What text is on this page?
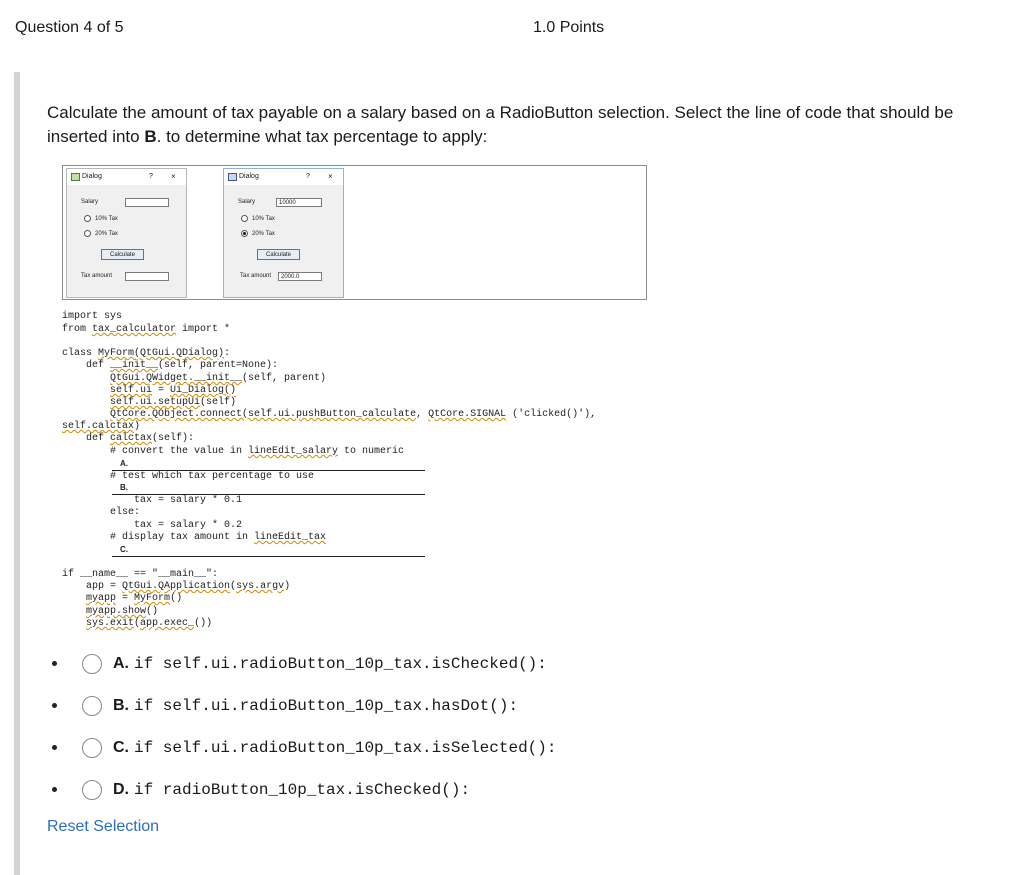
Question 4 of 5	1.0 Points
Calculate the amount of tax payable on a salary based on a RadioButton selection. Select the line of code that should be inserted into B. to determine what tax percentage to apply:
Dialog	? ×
Salary
10% Tax
20% Tax
Calculate
Tax amount
Dialog	? ×
Salary	10000
10% Tax
20% Tax
Calculate
Tax amount	2000.0
import sys
from tax_calculator import *
class MyForm(QtGui.QDialog):
def __init__(self, parent=None):
QtGui.QWidget.__init__(self, parent)
self.ui = Ui_Dialog()
self.ui.setupUi(self)
QtCore.QObject.connect(self.ui.pushButton_calculate, QtCore.SIGNAL ('clicked()'),
self.calctax)
def calctax(self):
# convert the value in lineEdit_salary to numeric
A.
# test which tax percentage to use
B.
tax = salary * 0.1
else:
tax = salary * 0.2
# display tax amount in lineEdit_tax
C.
if __name__ == "__main__":
app = QtGui.QApplication(sys.argv)
myapp = MyForm()
myapp.show()
sys.exit(app.exec_())
A. if self.ui.radioButton_10p_tax.isChecked():
B. if self.ui.radioButton_10p_tax.hasDot():
C. if self.ui.radioButton_10p_tax.isSelected():
D. if radioButton_10p_tax.isChecked():
Reset Selection
